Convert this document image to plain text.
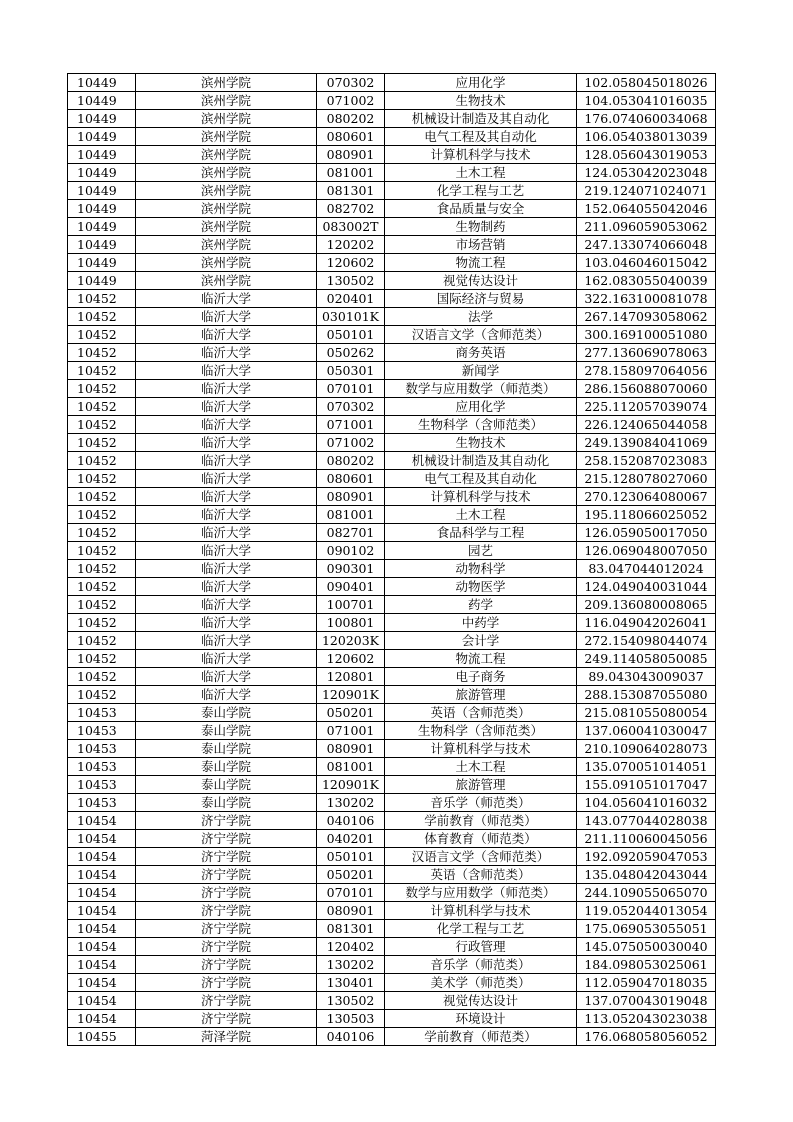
10449	滨州学院	070302	应用化学	102.058045018026
10449	滨州学院	071002	生物技术	104.053041016035
10449	滨州学院	080202	机械设计制造及其自动化	176.074060034068
10449	滨州学院	080601	电气工程及其自动化	106.054038013039
10449	滨州学院	080901	计算机科学与技术	128.056043019053
10449	滨州学院	081001	土木工程	124.053042023048
10449	滨州学院	081301	化学工程与工艺	219.124071024071
10449	滨州学院	082702	食品质量与安全	152.064055042046
10449	滨州学院	083002T	生物制药	211.096059053062
10449	滨州学院	120202	市场营销	247.133074066048
10449	滨州学院	120602	物流工程	103.046046015042
10449	滨州学院	130502	视觉传达设计	162.083055040039
10452	临沂大学	020401	国际经济与贸易	322.163100081078
10452	临沂大学	030101K	法学	267.147093058062
10452	临沂大学	050101	汉语言文学（含师范类）	300.169100051080
10452	临沂大学	050262	商务英语	277.136069078063
10452	临沂大学	050301	新闻学	278.158097064056
10452	临沂大学	070101	数学与应用数学（师范类）	286.156088070060
10452	临沂大学	070302	应用化学	225.112057039074
10452	临沂大学	071001	生物科学（含师范类）	226.124065044058
10452	临沂大学	071002	生物技术	249.139084041069
10452	临沂大学	080202	机械设计制造及其自动化	258.152087023083
10452	临沂大学	080601	电气工程及其自动化	215.128078027060
10452	临沂大学	080901	计算机科学与技术	270.123064080067
10452	临沂大学	081001	土木工程	195.118066025052
10452	临沂大学	082701	食品科学与工程	126.059050017050
10452	临沂大学	090102	园艺	126.069048007050
10452	临沂大学	090301	动物科学	83.047044012024
10452	临沂大学	090401	动物医学	124.049040031044
10452	临沂大学	100701	药学	209.136080008065
10452	临沂大学	100801	中药学	116.049042026041
10452	临沂大学	120203K	会计学	272.154098044074
10452	临沂大学	120602	物流工程	249.114058050085
10452	临沂大学	120801	电子商务	89.043043009037
10452	临沂大学	120901K	旅游管理	288.153087055080
10453	泰山学院	050201	英语（含师范类）	215.081055080054
10453	泰山学院	071001	生物科学（含师范类）	137.060041030047
10453	泰山学院	080901	计算机科学与技术	210.109064028073
10453	泰山学院	081001	土木工程	135.070051014051
10453	泰山学院	120901K	旅游管理	155.091051017047
10453	泰山学院	130202	音乐学（师范类）	104.056041016032
10454	济宁学院	040106	学前教育（师范类）	143.077044028038
10454	济宁学院	040201	体育教育（师范类）	211.110060045056
10454	济宁学院	050101	汉语言文学（含师范类）	192.092059047053
10454	济宁学院	050201	英语（含师范类）	135.048042043044
10454	济宁学院	070101	数学与应用数学（师范类）	244.109055065070
10454	济宁学院	080901	计算机科学与技术	119.052044013054
10454	济宁学院	081301	化学工程与工艺	175.069053055051
10454	济宁学院	120402	行政管理	145.075050030040
10454	济宁学院	130202	音乐学（师范类）	184.098053025061
10454	济宁学院	130401	美术学（师范类）	112.059047018035
10454	济宁学院	130502	视觉传达设计	137.070043019048
10454	济宁学院	130503	环境设计	113.052043023038
10455	菏泽学院	040106	学前教育（师范类）	176.068058056052
